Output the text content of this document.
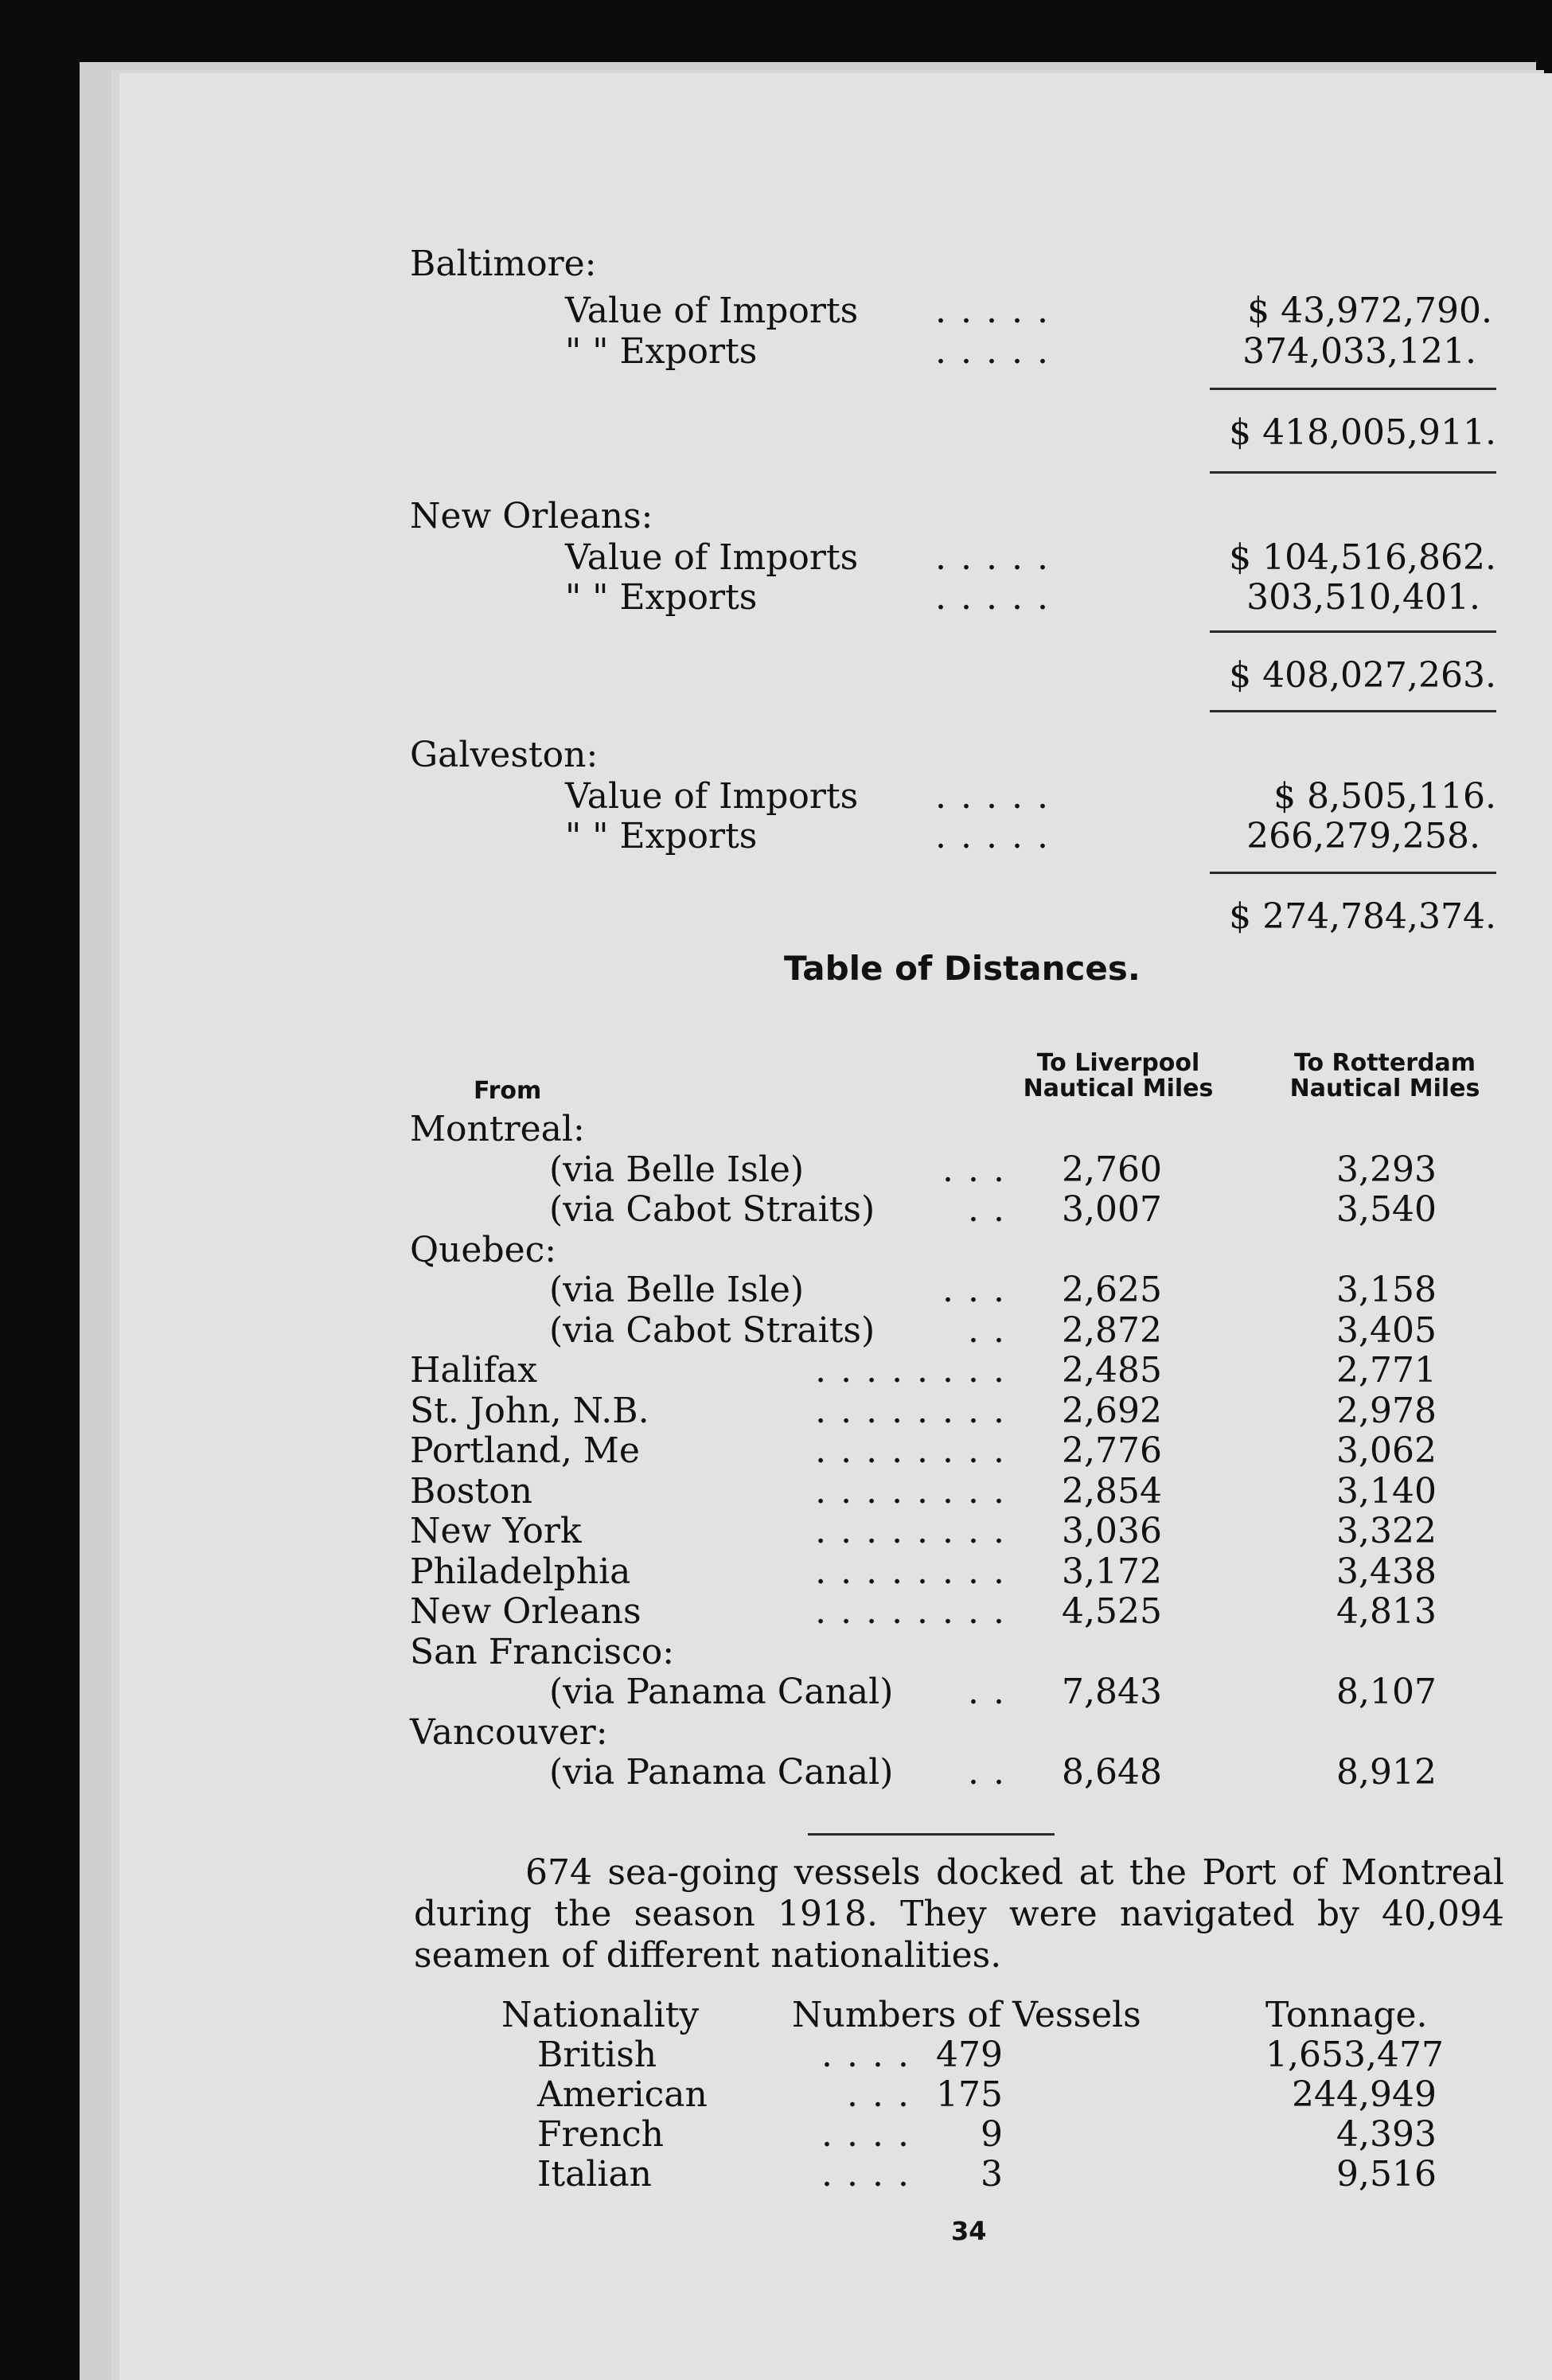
Baltimore:
Value of Imports .....	$ 43,972,790.
" " Exports	.....	374,033,121.
$ 418,005,911.
New Orleans:
Value of Imports .....	$ 104,516,862.
" " Exports	.....	303,510,401.
$ 408,027,263.
Galveston:
Value of Imports .....	$ 8,505,116.
" " Exports	.....	266,279,258.
$ 274,784,374.
Table of Distances.
To Liverpool Nautical Miles
To Rotterdam Nautical Miles
From
674 sea-going vessels docked at the Port of Montreal during the season 1918. They were navigated by 40,094 seamen of different nationalities.
Nationality	Numbers of Vessels	Tonnage.
34
Montreal:
(via Belle Isle)	...	2,760	3,293
(via Cabot Straits)	..	3,007	3,540
Quebec:
(via Belle Isle)	...	2,625	3,158
(via Cabot Straits)	..	2,872	3,405
Halifax	........	2,485	2,771
St. John, N.B.	........	2,692	2,978
Portland, Me	........	2,776	3,062
Boston	........	2,854	3,140
New York	........	3,036	3,322
Philadelphia	........	3,172	3,438
New Orleans	........	4,525	4,813
San Francisco:
(via Panama Canal) ..	7,843	8,107
Vancouver:
(via Panama Canal) ..	8,648	8,912
British	.... 479	1,653,477
American	... 175	244,949
French	....	9	4,393
Italian	....	3	9,516
